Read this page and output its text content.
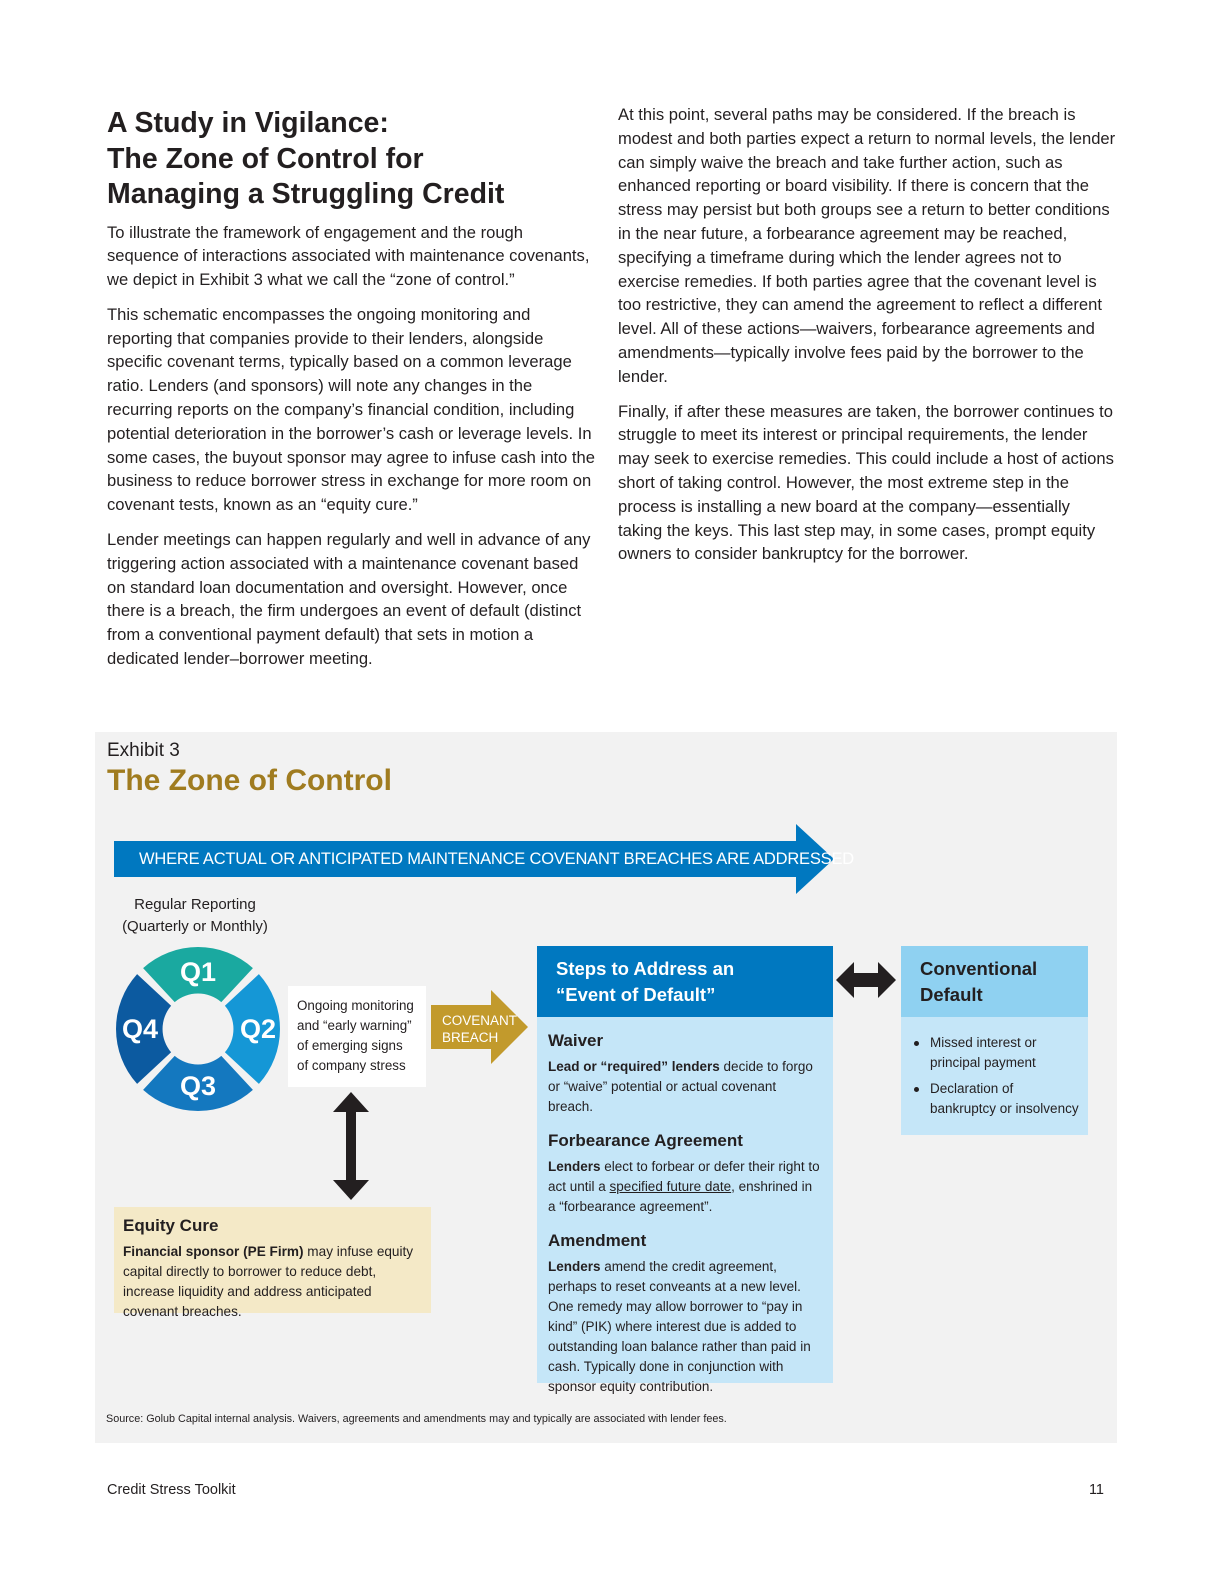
A Study in Vigilance:
The Zone of Control for
Managing a Struggling Credit

To illustrate the framework of engagement and the rough sequence of interactions associated with maintenance covenants, we depict in Exhibit 3 what we call the “zone of control.”

This schematic encompasses the ongoing monitoring and reporting that companies provide to their lenders, alongside specific covenant terms, typically based on a common leverage ratio. Lenders (and sponsors) will note any changes in the recurring reports on the company’s financial condition, including potential deterioration in the borrower’s cash or leverage levels. In some cases, the buyout sponsor may agree to infuse cash into the business to reduce borrower stress in exchange for more room on covenant tests, known as an “equity cure.”

Lender meetings can happen regularly and well in advance of any triggering action associated with a maintenance covenant based on standard loan documentation and oversight. However, once there is a breach, the firm undergoes an event of default (distinct from a conventional payment default) that sets in motion a dedicated lender–borrower meeting.

At this point, several paths may be considered. If the breach is modest and both parties expect a return to normal levels, the lender can simply waive the breach and take further action, such as enhanced reporting or board visibility. If there is concern that the stress may persist but both groups see a return to better conditions in the near future, a forbearance agreement may be reached, specifying a timeframe during which the lender agrees not to exercise remedies. If both parties agree that the covenant level is too restrictive, they can amend the agreement to reflect a different level. All of these actions—waivers, forbearance agreements and amendments—typically involve fees paid by the borrower to the lender.

Finally, if after these measures are taken, the borrower continues to struggle to meet its interest or principal requirements, the lender may seek to exercise remedies. This could include a host of actions short of taking control. However, the most extreme step in the process is installing a new board at the company—essentially taking the keys. This last step may, in some cases, prompt equity owners to consider bankruptcy for the borrower.

Exhibit 3
The Zone of Control
WHERE ACTUAL OR ANTICIPATED MAINTENANCE COVENANT BREACHES ARE ADDRESSED
Regular Reporting
(Quarterly or Monthly)
Q1
Q2
Q3
Q4
Ongoing monitoring
and “early warning”
of emerging signs
of company stress
COVENANT
BREACH
Equity Cure
Financial sponsor (PE Firm) may infuse equity capital directly to borrower to reduce debt, increase liquidity and address anticipated covenant breaches.
Steps to Address an
“Event of Default”
Waiver
Lead or “required” lenders decide to forgo or “waive” potential or actual covenant breach.
Forbearance Agreement
Lenders elect to forbear or defer their right to act until a specified future date, enshrined in a “forbearance agreement”.
Amendment
Lenders amend the credit agreement, perhaps to reset conveants at a new level. One remedy may allow borrower to “pay in kind” (PIK) where interest due is added to outstanding loan balance rather than paid in cash. Typically done in conjunction with sponsor equity contribution.
Conventional
Default
Missed interest or principal payment
Declaration of bankruptcy or insolvency
Source: Golub Capital internal analysis. Waivers, agreements and amendments may and typically are associated with lender fees.
Credit Stress Toolkit	11
